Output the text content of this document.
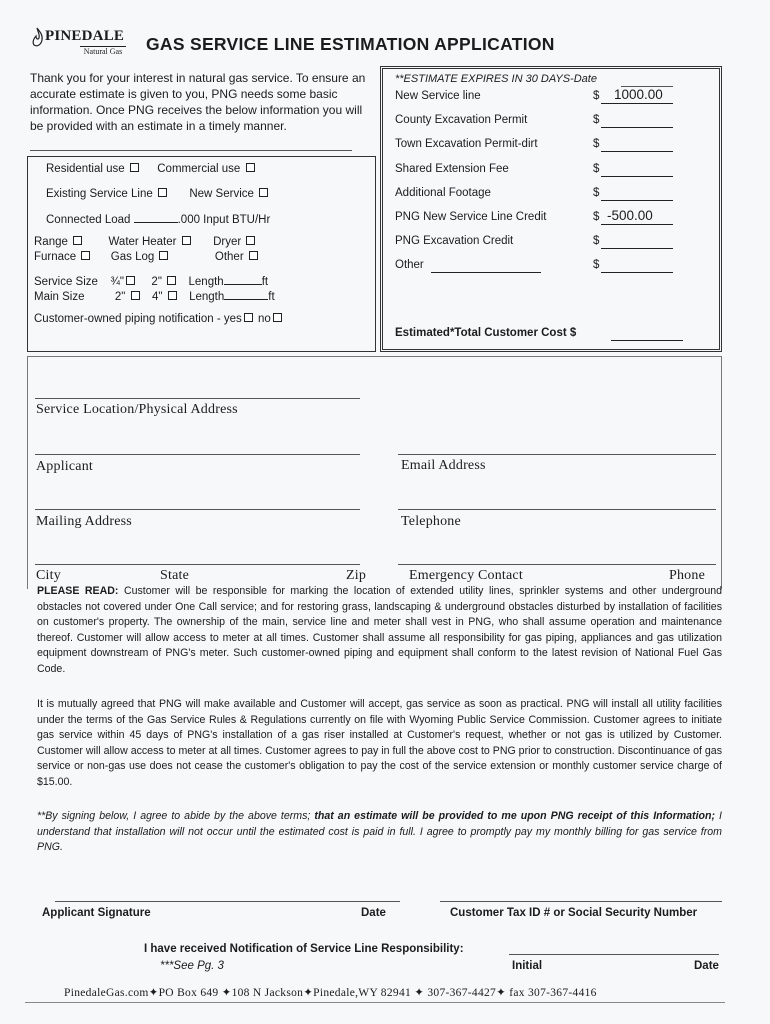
PINEDALE
Natural Gas GAS SERVICE LINE ESTIMATION APPLICATION
Thank you for your interest in natural gas service. To ensure an accurate estimate is given to you, PNG needs some basic information. Once PNG receives the below information you will be provided with an estimate in a timely manner.
Residential use	Commercial use
Existing Service Line	New Service
Connected Load	.000 Input BTU/Hr
Range	Water Heater	Dryer
Furnace	Gas Log	Other
Service Size ¾" 2" Length	ft
Main Size	2" 4" Length	ft
Customer-owned piping notification - yes no
**ESTIMATE EXPIRES IN 30 DAYS-Date
New Service line	$ 1000.00
County Excavation Permit	$
Town Excavation Permit-dirt	$
Shared Extension Fee	$
Additional Footage	$
PNG New Service Line Credit	$ -500.00
PNG Excavation Credit	$
Other	$
Estimated*Total Customer Cost $
Service Location/Physical Address
Applicant	Email Address
Mailing Address	Telephone
City	State	Zip	Emergency Contact	Phone
PLEASE READ: Customer will be responsible for marking the location of extended utility lines, sprinkler systems and other underground obstacles not covered under One Call service; and for restoring grass, landscaping & underground obstacles disturbed by installation of facilities on customer's property. The ownership of the main, service line and meter shall vest in PNG, who shall assume operation and maintenance thereof. Customer will allow access to meter at all times. Customer shall assume all responsibility for gas piping, appliances and gas utilization equipment downstream of PNG's meter. Such customer-owned piping and equipment shall conform to the latest revision of National Fuel Gas Code.
It is mutually agreed that PNG will make available and Customer will accept, gas service as soon as practical. PNG will install all utility facilities under the terms of the Gas Service Rules & Regulations currently on file with Wyoming Public Service Commission. Customer agrees to initiate gas service within 45 days of PNG's installation of a gas riser installed at Customer's request, whether or not gas is utilized by Customer. Customer will allow access to meter at all times. Customer agrees to pay in full the above cost to PNG prior to construction. Discontinuance of gas service or non-gas use does not cease the customer's obligation to pay the cost of the service extension or monthly customer service charge of $15.00.
**By signing below, I agree to abide by the above terms; that an estimate will be provided to me upon PNG receipt of this Information; I understand that installation will not occur until the estimated cost is paid in full. I agree to promptly pay my monthly billing for gas service from PNG.
Applicant Signature	Date	Customer Tax ID # or Social Security Number
I have received Notification of Service Line Responsibility:
***See Pg. 3	Initial	Date
PinedaleGas.com✦PO Box 649 ✦108 N Jackson✦Pinedale,WY 82941 ✦ 307-367-4427✦ fax 307-367-4416
